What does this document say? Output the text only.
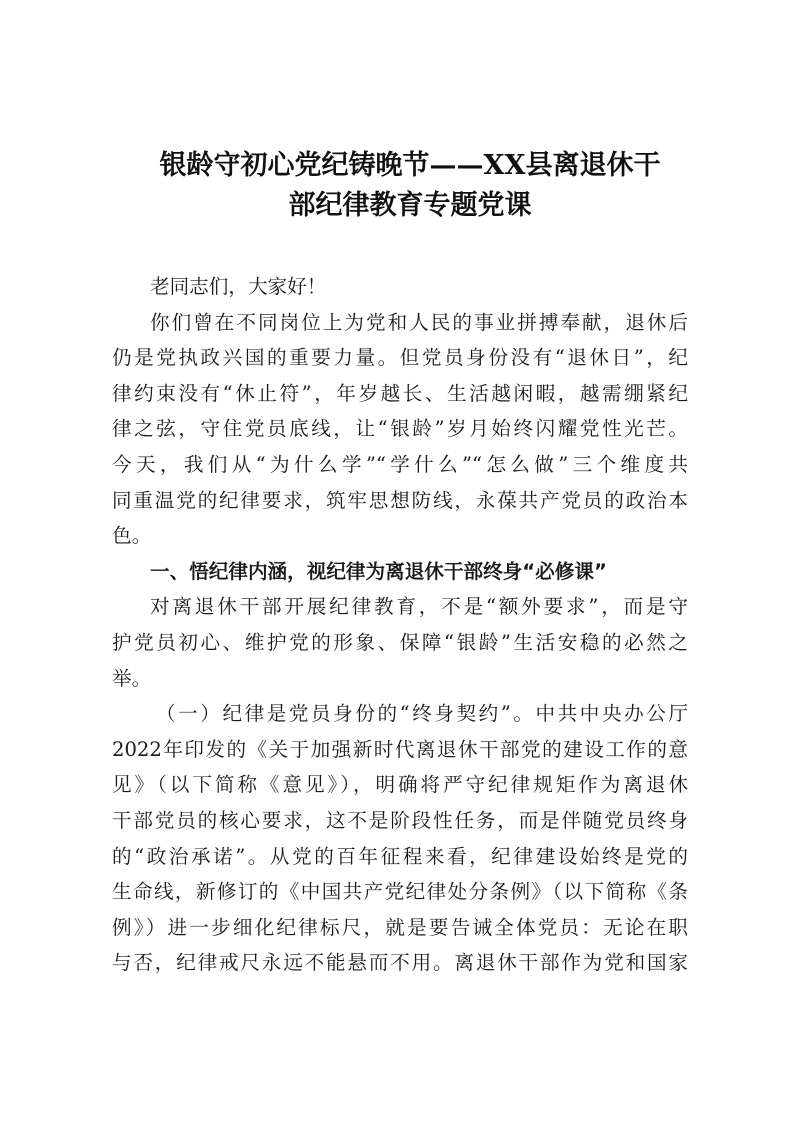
银龄守初心党纪铸晚节——XX县离退休干
部纪律教育专题党课
老同志们，大家好！
你们曾在不同岗位上为党和人民的事业拼搏奉献，退休后
仍是党执政兴国的重要力量。但党员身份没有“退休日”，纪
律约束没有“休止符”，年岁越长、生活越闲暇，越需绷紧纪
律之弦，守住党员底线，让“银龄”岁月始终闪耀党性光芒。
今天，我们从“为什么学”“学什么”“怎么做”三个维度共
同重温党的纪律要求，筑牢思想防线，永葆共产党员的政治本
色。
一、悟纪律内涵，视纪律为离退休干部终身“必修课”
对离退休干部开展纪律教育，不是“额外要求”，而是守
护党员初心、维护党的形象、保障“银龄”生活安稳的必然之
举。
（一）纪律是党员身份的“终身契约”。中共中央办公厅
2022年印发的《关于加强新时代离退休干部党的建设工作的意
见》（以下简称《意见》），明确将严守纪律规矩作为离退休
干部党员的核心要求，这不是阶段性任务，而是伴随党员终身
的“政治承诺”。从党的百年征程来看，纪律建设始终是党的
生命线，新修订的《中国共产党纪律处分条例》（以下简称《条
例》）进一步细化纪律标尺，就是要告诫全体党员：无论在职
与否，纪律戒尺永远不能悬而不用。离退休干部作为党和国家
